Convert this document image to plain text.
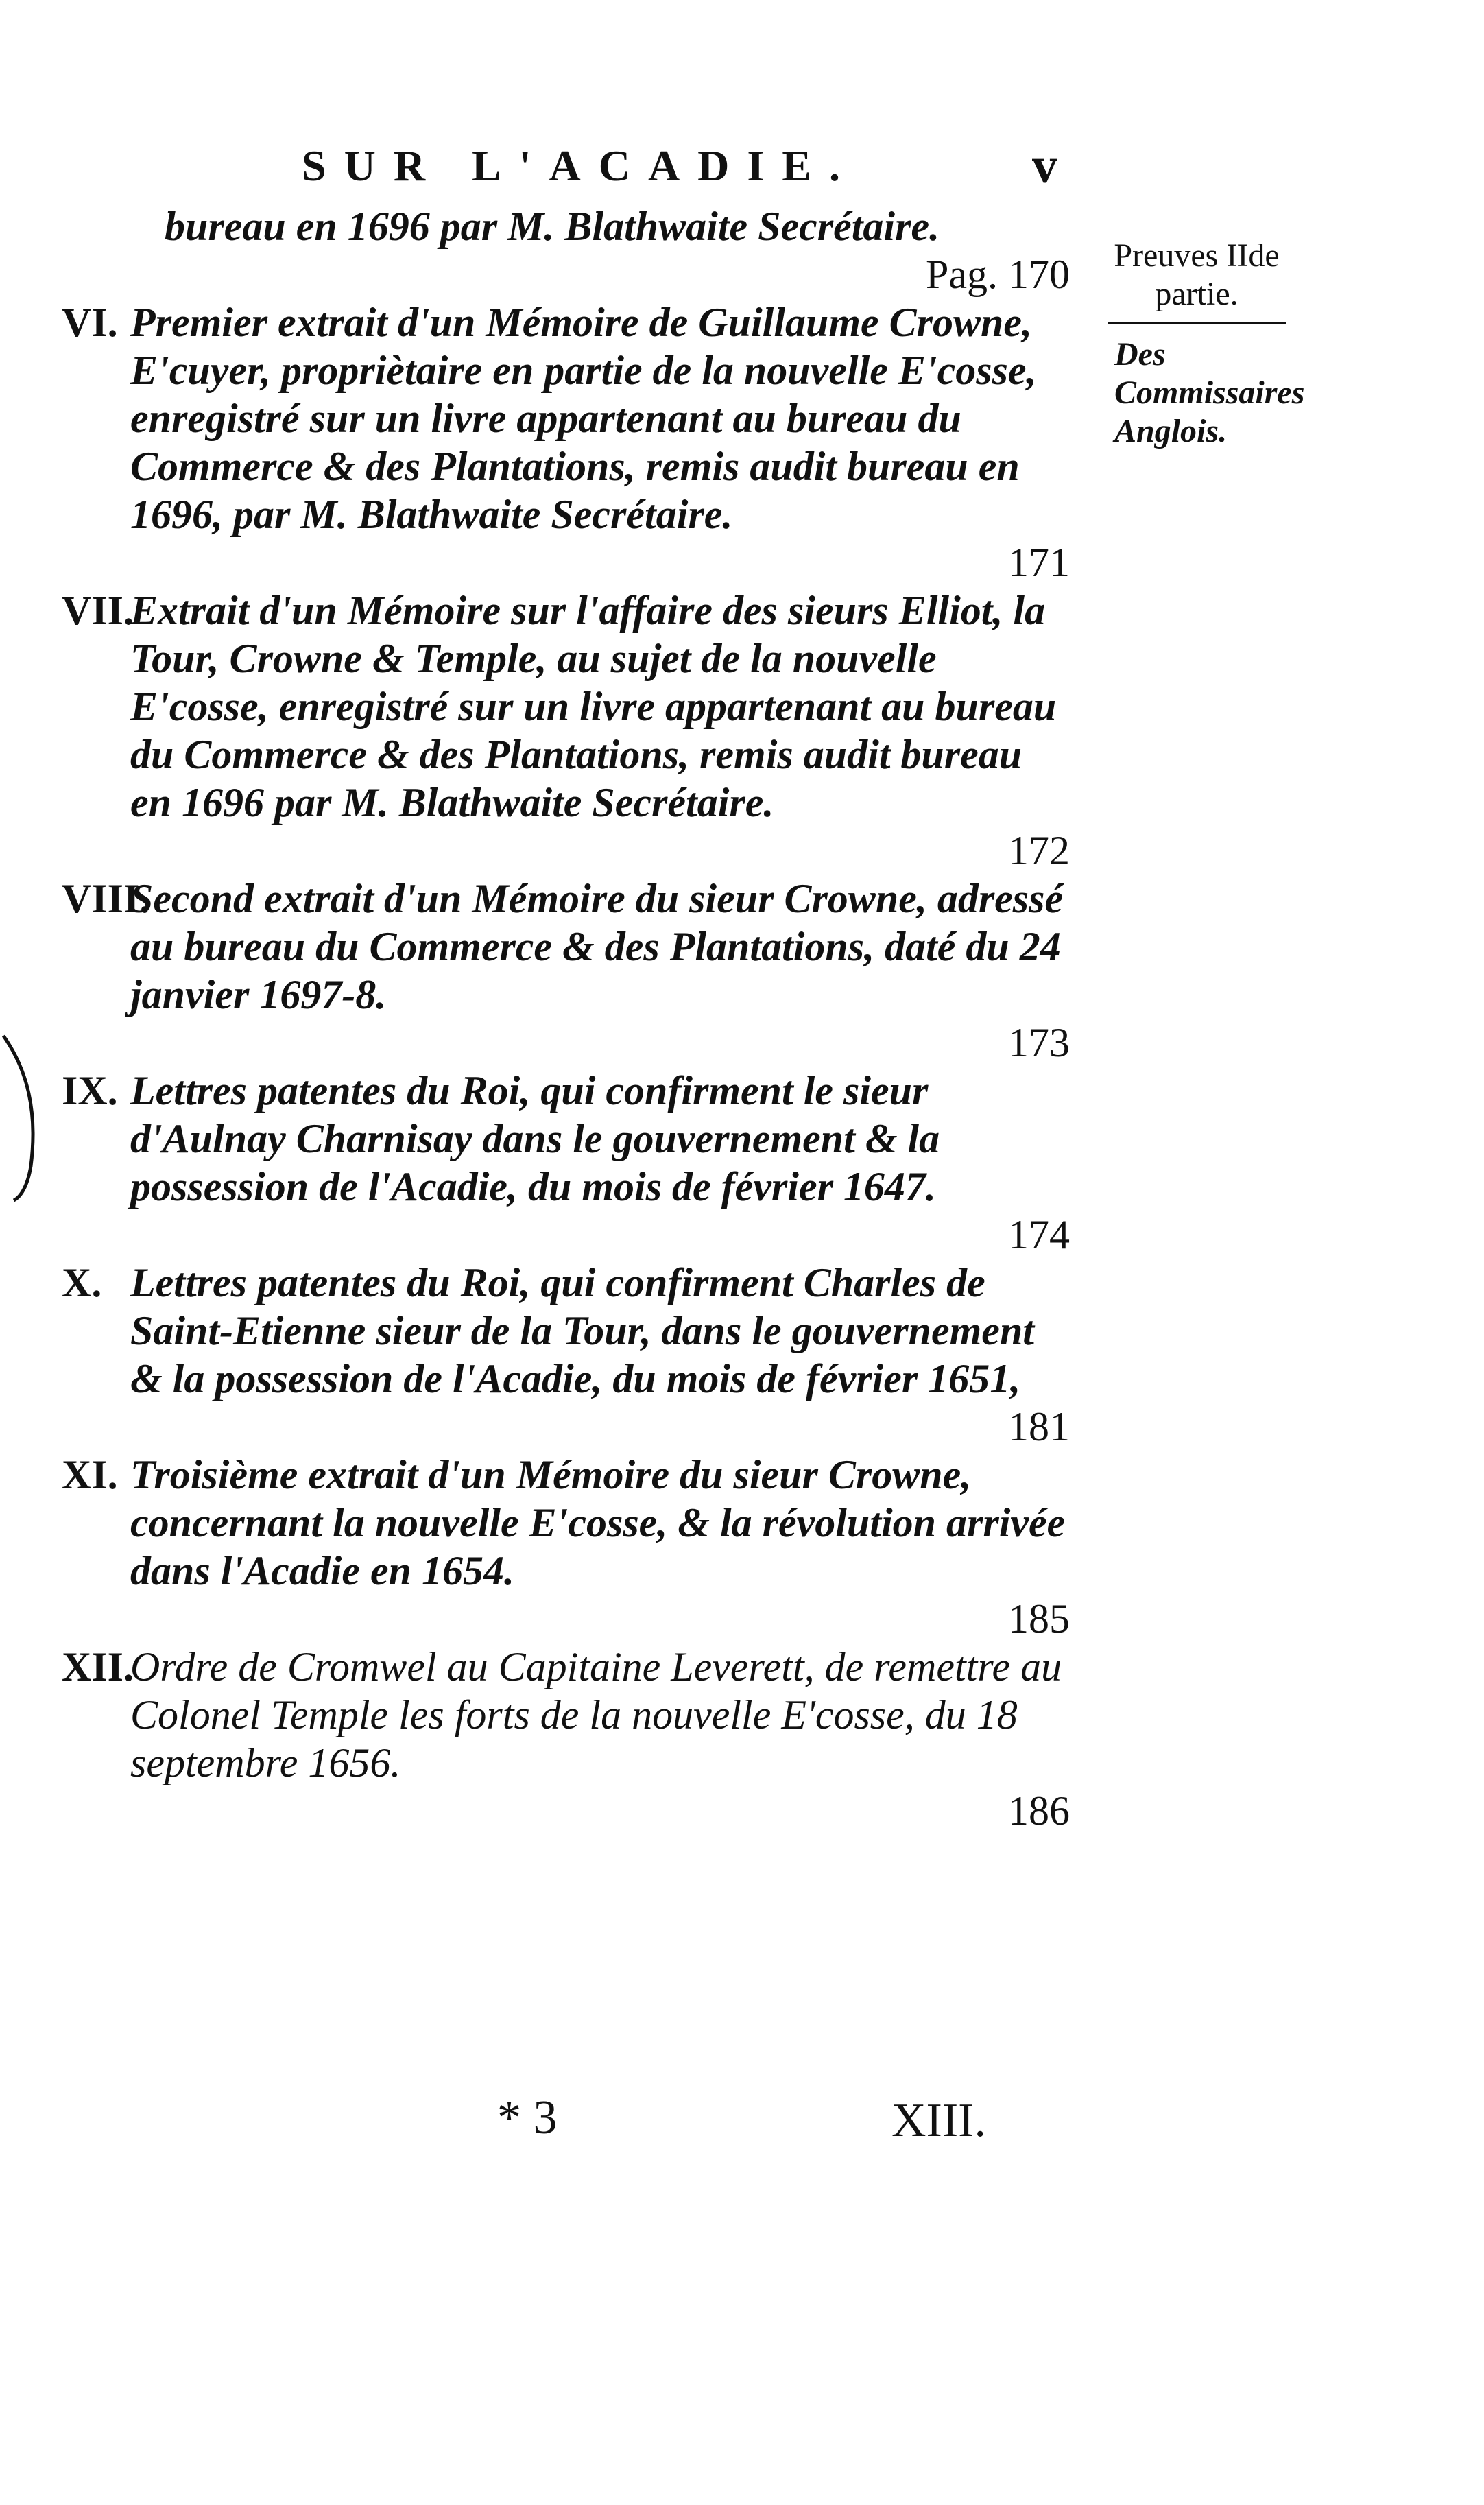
SUR L'ACADIE.	v
Preuves IIde partie.
Des Commissaires Anglois.
bureau en 1696 par M. Blathwaite Secrétaire.
Pag. 170
VI. Premier extrait d'un Mémoire de Guillaume Crowne, E'cuyer, propriètaire en partie de la nouvelle E'cosse, enregistré sur un livre appartenant au bureau du Commerce & des Plantations, remis audit bureau en 1696, par M. Blathwaite Secrétaire.
171
VII.
Extrait d'un Mémoire sur l'affaire des sieurs Elliot, la Tour, Crowne & Temple, au sujet de la nouvelle E'cosse, enregistré sur un livre appartenant au bureau du Commerce & des Plantations, remis audit bureau en 1696 par M. Blathwaite Secrétaire.
172
VIII.
Second extrait d'un Mémoire du sieur Crowne, adressé au bureau du Commerce & des Plantations, daté du 24 janvier 1697-8.
173
IX. Lettres patentes du Roi, qui confirment le sieur d'Aulnay Charnisay dans le gouvernement & la possession de l'Acadie, du mois de février 1647.
174
X. Lettres patentes du Roi, qui confirment Charles de Saint-Etienne sieur de la Tour, dans le gouvernement & la possession de l'Acadie, du mois de février 1651,
181
XI. Troisième extrait d'un Mémoire du sieur Crowne, concernant la nouvelle E'cosse, & la révolution arrivée dans l'Acadie en 1654.
185
XII.
Ordre de Cromwel au Capitaine Leverett, de remettre au Colonel Temple les forts de la nouvelle E'cosse, du 18 septembre 1656.
186
* 3	XIII.
